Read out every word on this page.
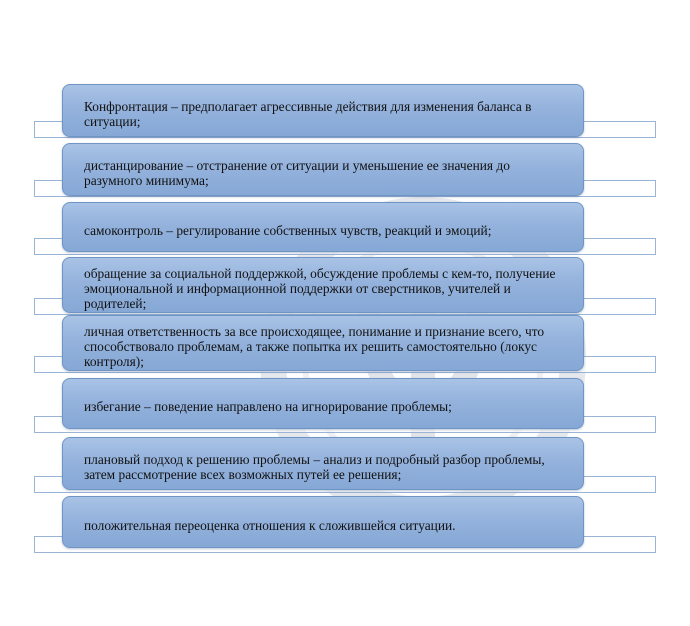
Конфронтация – предполагает агрессивные действия для изменения баланса в ситуации;
дистанцирование – отстранение от ситуации и уменьшение ее значения до разумного минимума;
самоконтроль – регулирование собственных чувств, реакций и эмоций;
обращение за социальной поддержкой, обсуждение проблемы с кем-то, получение эмоциональной и информационной поддержки от сверстников, учителей и родителей;
личная ответственность за все происходящее, понимание и признание всего, что способствовало проблемам, а также попытка их решить самостоятельно (локус контроля);
избегание – поведение направлено на игнорирование проблемы;
плановый подход к решению проблемы – анализ и подробный разбор проблемы, затем рассмотрение всех возможных путей ее решения;
положительная переоценка отношения к сложившейся ситуации.
